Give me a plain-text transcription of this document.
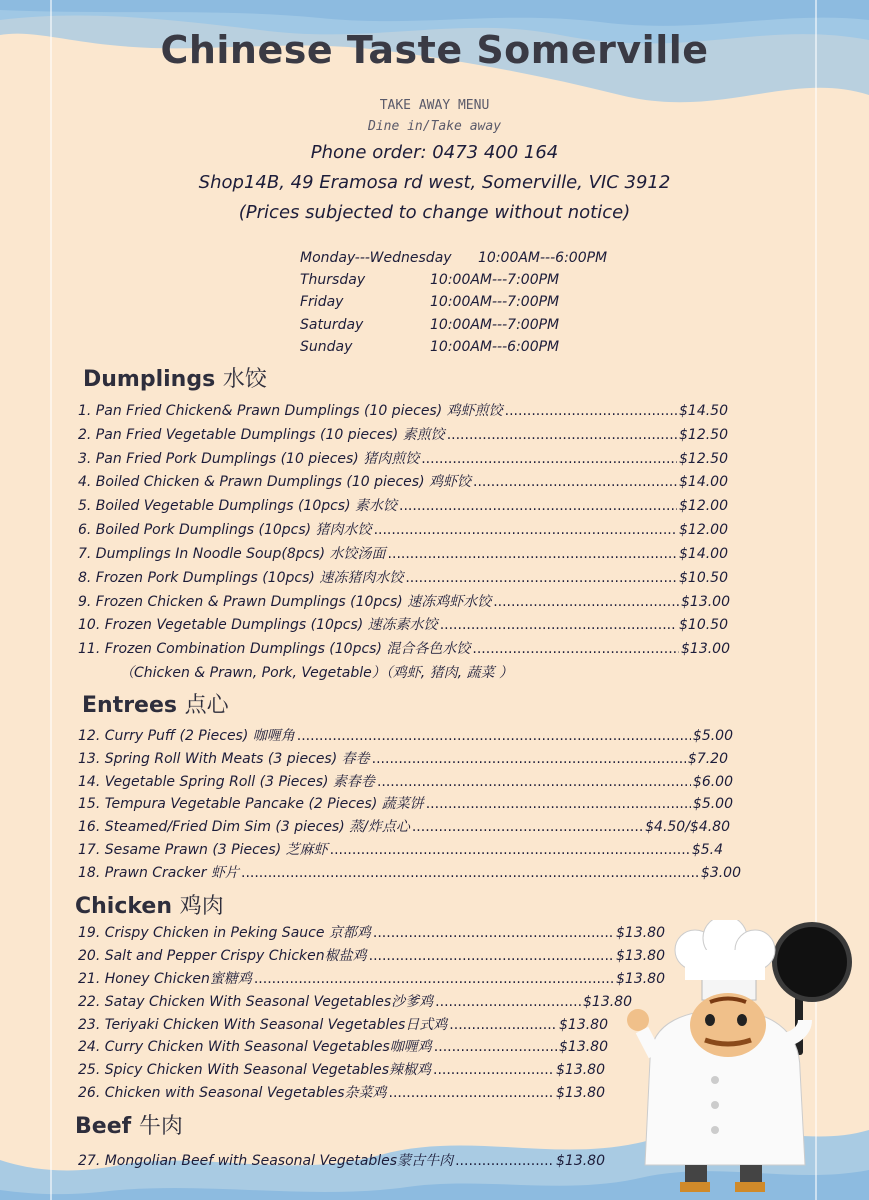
Chinese Taste Somerville
TAKE AWAY MENU
Dine in/Take away
Phone order: 0473 400 164
Shop14B, 49 Eramosa rd west, Somerville, VIC 3912
(Prices subjected to change without notice)
Monday---Wednesday 10:00AM---6:00PM
Thursday	10:00AM---7:00PM
Friday	10:00AM---7:00PM
Saturday	10:00AM---7:00PM
Sunday	10:00AM---6:00PM
Dumplings 水饺
1. Pan Fried Chicken& Prawn Dumplings (10 pieces) 鸡虾煎饺 .....	$14.50
2. Pan Fried Vegetable Dumplings (10 pieces) 素煎饺 .....	$12.50
3. Pan Fried Pork Dumplings (10 pieces) 猪肉煎饺 .....	$12.50
4. Boiled Chicken & Prawn Dumplings (10 pieces) 鸡虾饺 .....	$14.00
5. Boiled Vegetable Dumplings (10pcs) 素水饺 .....	$12.00
6. Boiled Pork Dumplings (10pcs) 猪肉水饺 .....	$12.00
7. Dumplings In Noodle Soup(8pcs) 水饺汤面 .....	$14.00
8. Frozen Pork Dumplings (10pcs) 速冻猪肉水饺 .....	$10.50
9. Frozen Chicken & Prawn Dumplings (10pcs) 速冻鸡虾水饺 .....	$13.00
10. Frozen Vegetable Dumplings (10pcs) 速冻素水饺 .....	$10.50
11. Frozen Combination Dumplings (10pcs) 混合各色水饺 .....	$13.00
（Chicken & Prawn, Pork, Vegetable）（鸡虾, 猪肉, 蔬菜 ）
Entrees 点心
12. Curry Puff (2 Pieces) 咖喱角 .....	$5.00
13. Spring Roll With Meats (3 pieces) 春卷 .....	$7.20
14. Vegetable Spring Roll (3 Pieces) 素春卷 .....	$6.00
15. Tempura Vegetable Pancake (2 Pieces) 蔬菜饼 .....	$5.00
16. Steamed/Fried Dim Sim (3 pieces) 蒸/炸点心 .....	$4.50/$4.80
17. Sesame Prawn (3 Pieces) 芝麻虾 .....	$5.4
18. Prawn Cracker 虾片 .....	$3.00
Chicken 鸡肉
19. Crispy Chicken in Peking Sauce 京都鸡 .....	$13.80
20. Salt and Pepper Crispy Chicken椒盐鸡 .....	$13.80
21. Honey Chicken蜜糖鸡 .....	$13.80
22. Satay Chicken With Seasonal Vegetables沙爹鸡 .....	$13.80
23. Teriyaki Chicken With Seasonal Vegetables日式鸡 .....	$13.80
24. Curry Chicken With Seasonal Vegetables咖喱鸡 .....	$13.80
25. Spicy Chicken With Seasonal Vegetables辣椒鸡 .....	$13.80
26. Chicken with Seasonal Vegetables杂菜鸡 .....	$13.80
Beef 牛肉
27. Mongolian Beef with Seasonal Vegetables蒙古牛肉 .....	$13.80
